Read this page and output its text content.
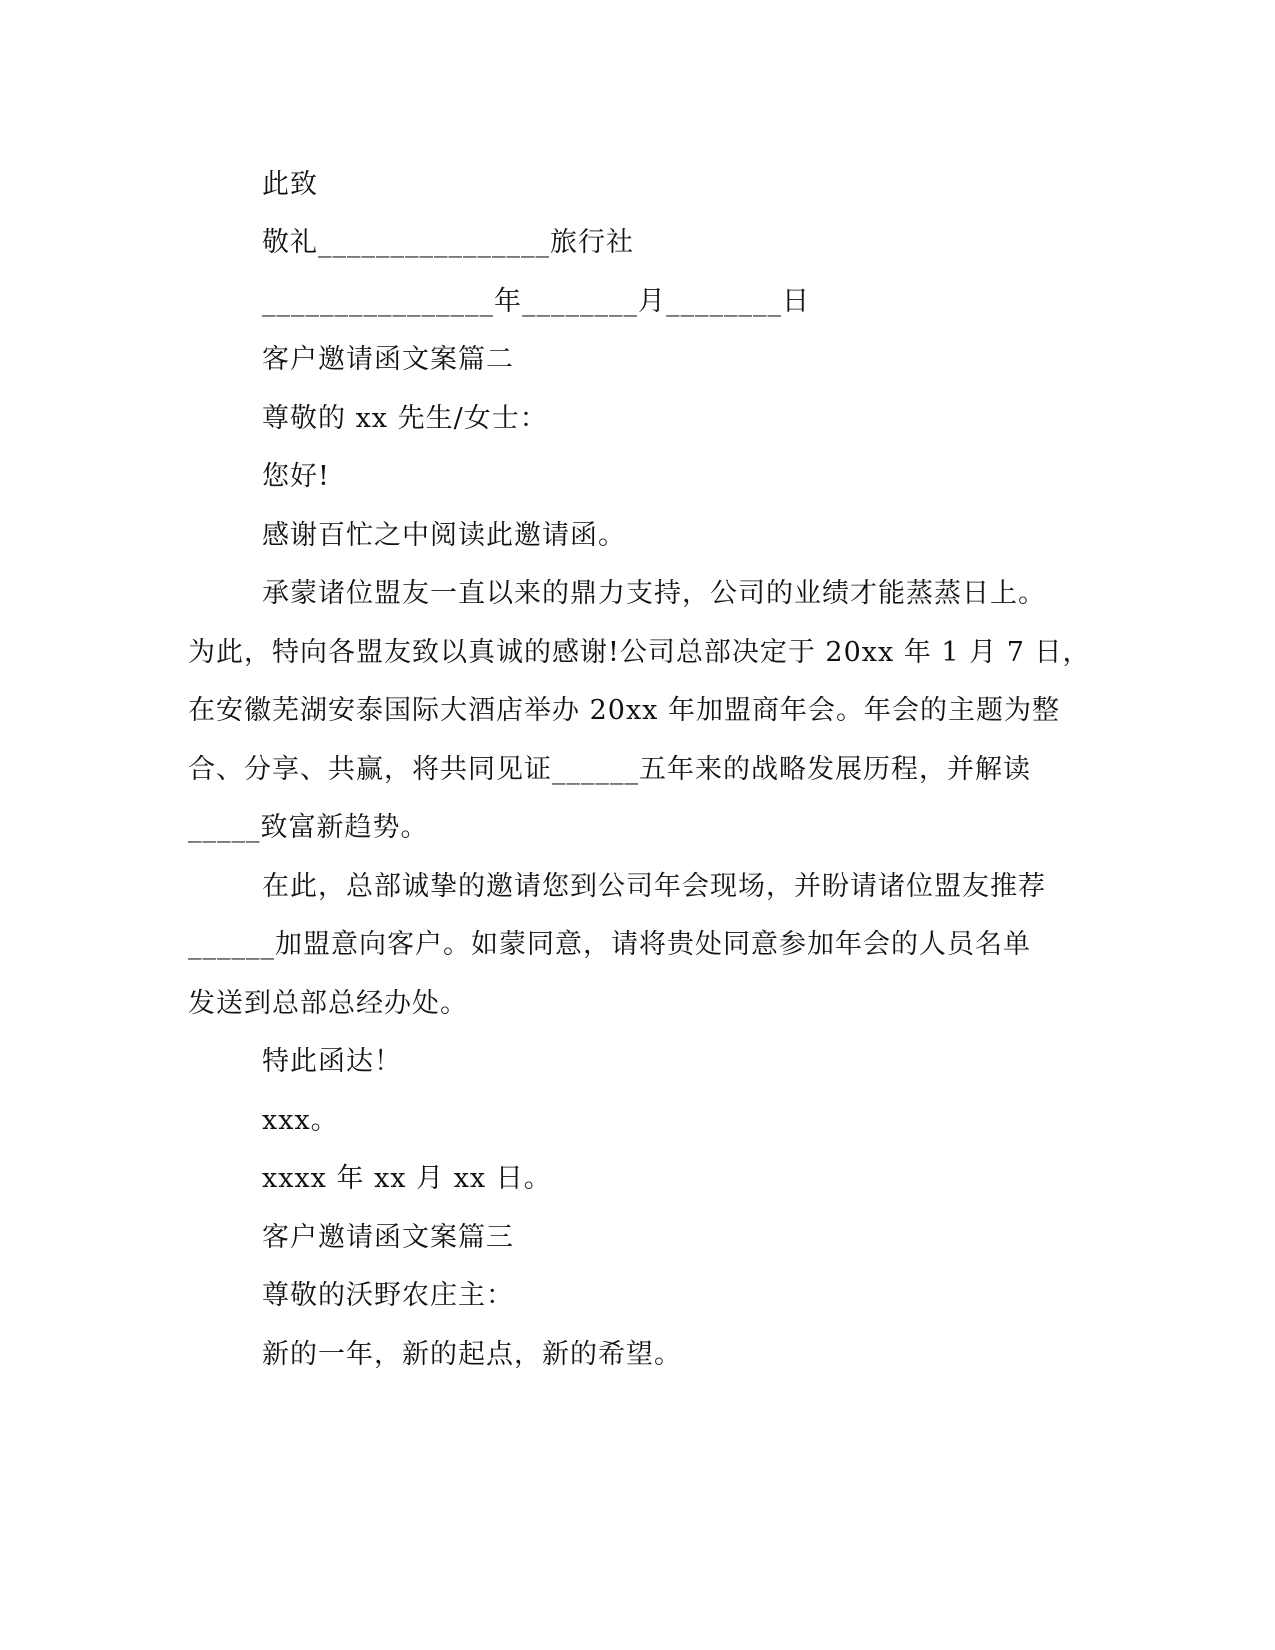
此致
敬礼________________旅行社
________________年________月________日
客户邀请函文案篇二
尊敬的 xx 先生/女士：
您好!
感谢百忙之中阅读此邀请函。
承蒙诸位盟友一直以来的鼎力支持，公司的业绩才能蒸蒸日上。
为此，特向各盟友致以真诚的感谢!公司总部决定于 20xx 年 1 月 7 日，
在安徽芜湖安泰国际大酒店举办 20xx 年加盟商年会。年会的主题为整
合、分享、共赢，将共同见证______五年来的战略发展历程，并解读
_____致富新趋势。
在此，总部诚挚的邀请您到公司年会现场，并盼请诸位盟友推荐
______加盟意向客户。如蒙同意，请将贵处同意参加年会的人员名单
发送到总部总经办处。
特此函达！
xxx。
xxxx 年 xx 月 xx 日。
客户邀请函文案篇三
尊敬的沃野农庄主：
新的一年，新的起点，新的希望。
